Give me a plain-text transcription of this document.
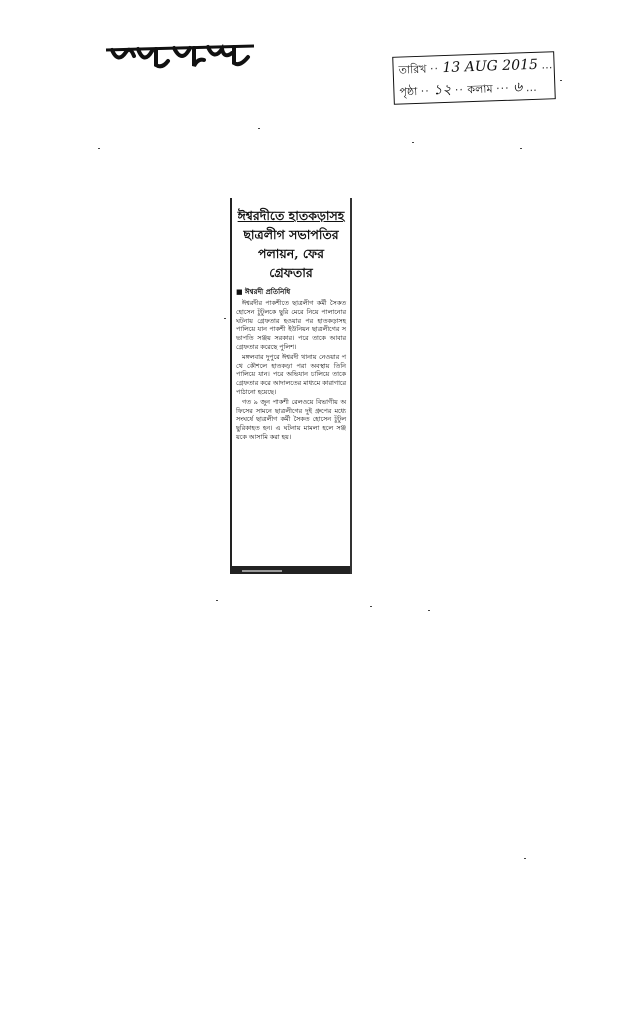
সমকাল	তারিখ ·· 13 AUG 2015 …
পৃষ্ঠা ·· ১২ ·· কলাম ··· ৬ …
ঈশ্বরদীতে হাতকড়াসহ
ছাত্রলীগ সভাপতির
পলায়ন, ফের
গ্রেফতার
■ ঈশ্বরদী প্রতিনিধি

ঈশ্বরদীর পাকশীতে ছাত্রলীগ কর্মী সৈকত হোসেন টুটুলকে ছুরি মেরে নিয়ে পালানোর ঘটনায় গ্রেফতার হওয়ার পর হাতকড়াসহ পালিয়ে যান পাকশী ইউনিয়ন ছাত্রলীগের সভাপতি সঞ্জয় সরকার। পরে তাকে আবার গ্রেফতার করেছে পুলিশ।

মঙ্গলবার দুপুরে ঈশ্বরদী থানায় নেওয়ার পথে কৌশলে হাতকড়া পরা অবস্থায় তিনি পালিয়ে যান। পরে অভিযান চালিয়ে তাকে গ্রেফতার করে আদালতের মাধ্যমে কারাগারে পাঠানো হয়েছে।

গত ৯ জুন পাকশী রেলওয়ে বিভাগীয় অফিসের সামনে ছাত্রলীগের দুই গ্রুপের মধ্যে সংঘর্ষে ছাত্রলীগ কর্মী সৈকত হোসেন টুটুল ছুরিকাহত হন। এ ঘটনায় মামলা হলে সঞ্জয়কে আসামি করা হয়।
